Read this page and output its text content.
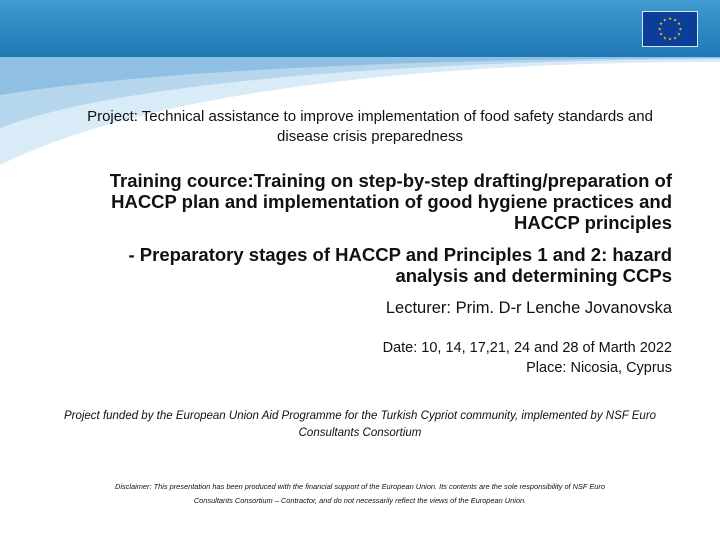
★ ★
★
★
★
★
★
★
★
★
★
★
Project: Technical assistance to improve implementation of food safety standards and disease crisis preparedness
Training cource:Training on step-by-step drafting/preparation of HACCP plan and implementation of good hygiene practices and HACCP principles
- Preparatory stages of HACCP and Principles 1 and 2: hazard analysis and determining CCPs
Lecturer: Prim. D-r Lenche Jovanovska
Date: 10, 14, 17,21, 24 and 28 of Marth 2022
Place: Nicosia, Cyprus
Project funded by the European Union Aid Programme for the Turkish Cypriot community, implemented by NSF Euro Consultants Consortium
Disclaimer: This presentation has been produced with the financial support of the European Union. Its contents are the sole responsibility of NSF Euro Consultants Consortium – Contractor, and do not necessarily reflect the views of the European Union.
